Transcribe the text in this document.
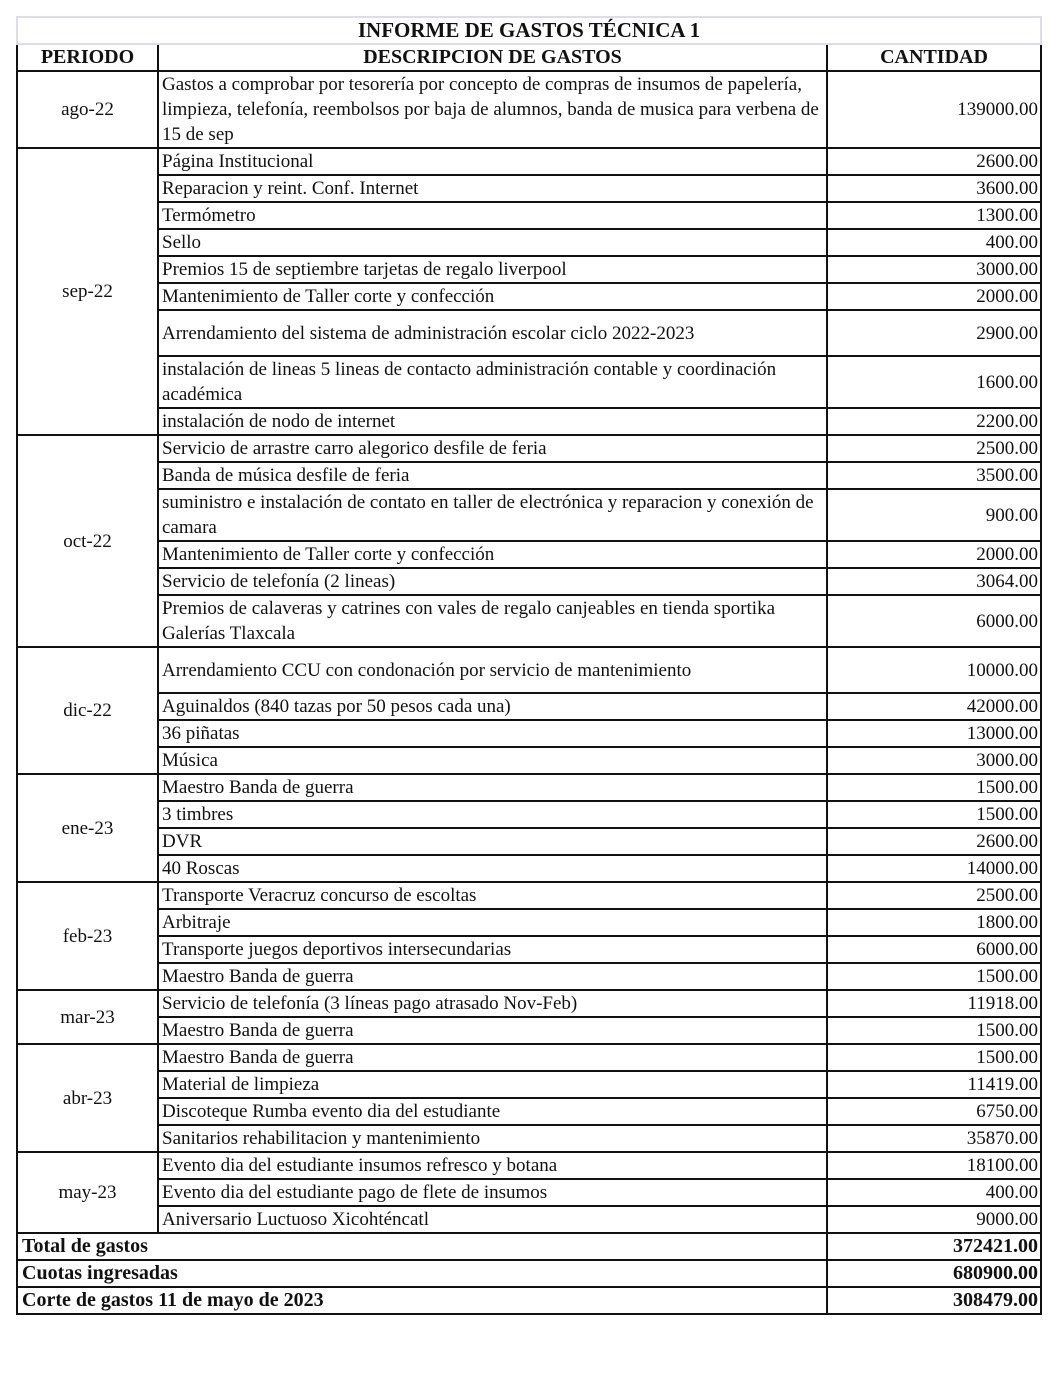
INFORME DE GASTOS TÉCNICA 1		
PERIODO	DESCRIPCION DE GASTOS	CANTIDAD
ago-22	Gastos a comprobar por tesorería por concepto de compras de insumos de papelería, limpieza, telefonía, reembolsos por baja de alumnos, banda de musica para verbena de 15 de sep	139000.00
sep-22	Página Institucional	2600.00
	Reparacion y reint. Conf. Internet	3600.00
	Termómetro	1300.00
	Sello	400.00
	Premios 15 de septiembre tarjetas de regalo liverpool	3000.00
	Mantenimiento de Taller corte y confección	2000.00
	Arrendamiento del sistema de administración escolar ciclo 2022-2023	2900.00
	instalación de lineas 5 lineas de contacto administración contable y coordinación académica	1600.00
	instalación de nodo de internet	2200.00
oct-22	Servicio de arrastre carro alegorico desfile de feria	2500.00
	Banda de música desfile de feria	3500.00
	suministro e instalación de contato en taller de electrónica y reparacion y conexión de camara	900.00
	Mantenimiento de Taller corte y confección	2000.00
	Servicio de telefonía (2 lineas)	3064.00
	Premios de calaveras y catrines con vales de regalo canjeables en tienda sportika Galerías Tlaxcala	6000.00
dic-22	Arrendamiento CCU con condonación por servicio de mantenimiento	10000.00
	Aguinaldos (840 tazas por 50 pesos cada una)	42000.00
	36 piñatas	13000.00
	Música	3000.00
ene-23	Maestro Banda de guerra	1500.00
	3 timbres	1500.00
	DVR	2600.00
	40 Roscas	14000.00
feb-23	Transporte Veracruz concurso de escoltas	2500.00
	Arbitraje	1800.00
	Transporte juegos deportivos intersecundarias	6000.00
	Maestro Banda de guerra	1500.00
mar-23	Servicio de telefonía (3 líneas pago atrasado Nov-Feb)	11918.00
	Maestro Banda de guerra	1500.00
abr-23	Maestro Banda de guerra	1500.00
	Material de limpieza	11419.00
	Discoteque Rumba evento dia del estudiante	6750.00
	Sanitarios rehabilitacion y mantenimiento	35870.00
may-23	Evento dia del estudiante insumos refresco y botana	18100.00
	Evento dia del estudiante pago de flete de insumos	400.00
	Aniversario Luctuoso Xicohténcatl	9000.00
Total de gastos		372421.00
Cuotas ingresadas		680900.00
Corte de gastos 11 de mayo de 2023		308479.00
